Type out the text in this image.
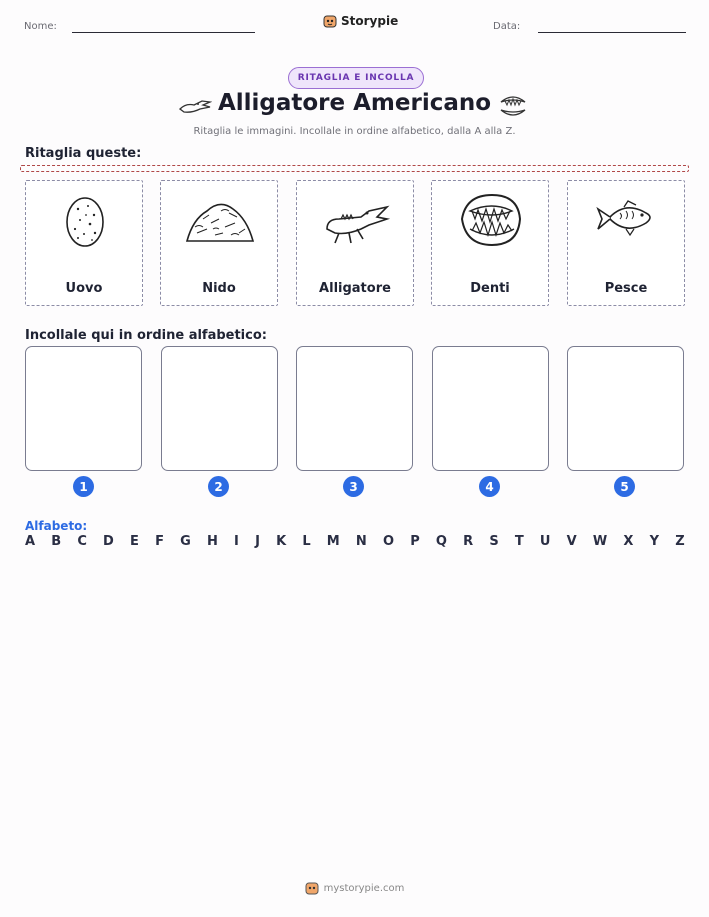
Nome:	Storypie	Data:
RITAGLIA E INCOLLA
Alligatore Americano
Ritaglia le immagini. Incollale in ordine alfabetico, dalla A alla Z.
Ritaglia queste:
Uovo	Nido	Alligatore	Denti	Pesce
Incollale qui in ordine alfabetico:
1	2	3	4	5
Alfabeto:
A B C D E F G H I J K L M N O P Q R S T U V W X Y Z
mystorypie.com
